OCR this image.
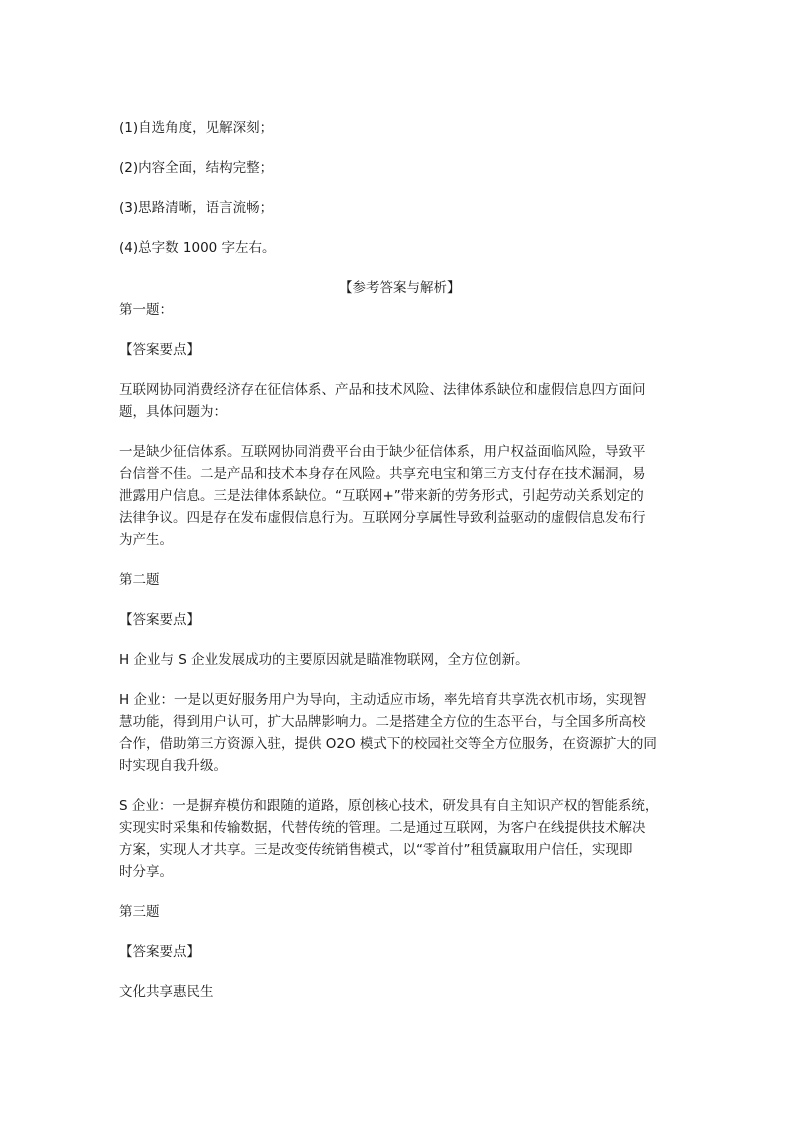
(1)自选角度，见解深刻；

(2)内容全面，结构完整；

(3)思路清晰，语言流畅；

(4)总字数 1000 字左右。

【参考答案与解析】

第一题：

【答案要点】

互联网协同消费经济存在征信体系、产品和技术风险、法律体系缺位和虚假信息四方面问

题，具体问题为：

一是缺少征信体系。互联网协同消费平台由于缺少征信体系，用户权益面临风险，导致平

台信誉不佳。二是产品和技术本身存在风险。共享充电宝和第三方支付存在技术漏洞，易

泄露用户信息。三是法律体系缺位。“互联网+”带来新的劳务形式，引起劳动关系划定的

法律争议。四是存在发布虚假信息行为。互联网分享属性导致利益驱动的虚假信息发布行

为产生。

第二题

【答案要点】

H 企业与 S 企业发展成功的主要原因就是瞄准物联网，全方位创新。

H 企业：一是以更好服务用户为导向，主动适应市场，率先培育共享洗衣机市场，实现智

慧功能，得到用户认可，扩大品牌影响力。二是搭建全方位的生态平台，与全国多所高校

合作，借助第三方资源入驻，提供 O2O 模式下的校园社交等全方位服务，在资源扩大的同

时实现自我升级。

S 企业：一是摒弃模仿和跟随的道路，原创核心技术，研发具有自主知识产权的智能系统，

实现实时采集和传输数据，代替传统的管理。二是通过互联网，为客户在线提供技术解决

方案，实现人才共享。三是改变传统销售模式，以“零首付”租赁赢取用户信任，实现即

时分享。

第三题

【答案要点】

文化共享惠民生
